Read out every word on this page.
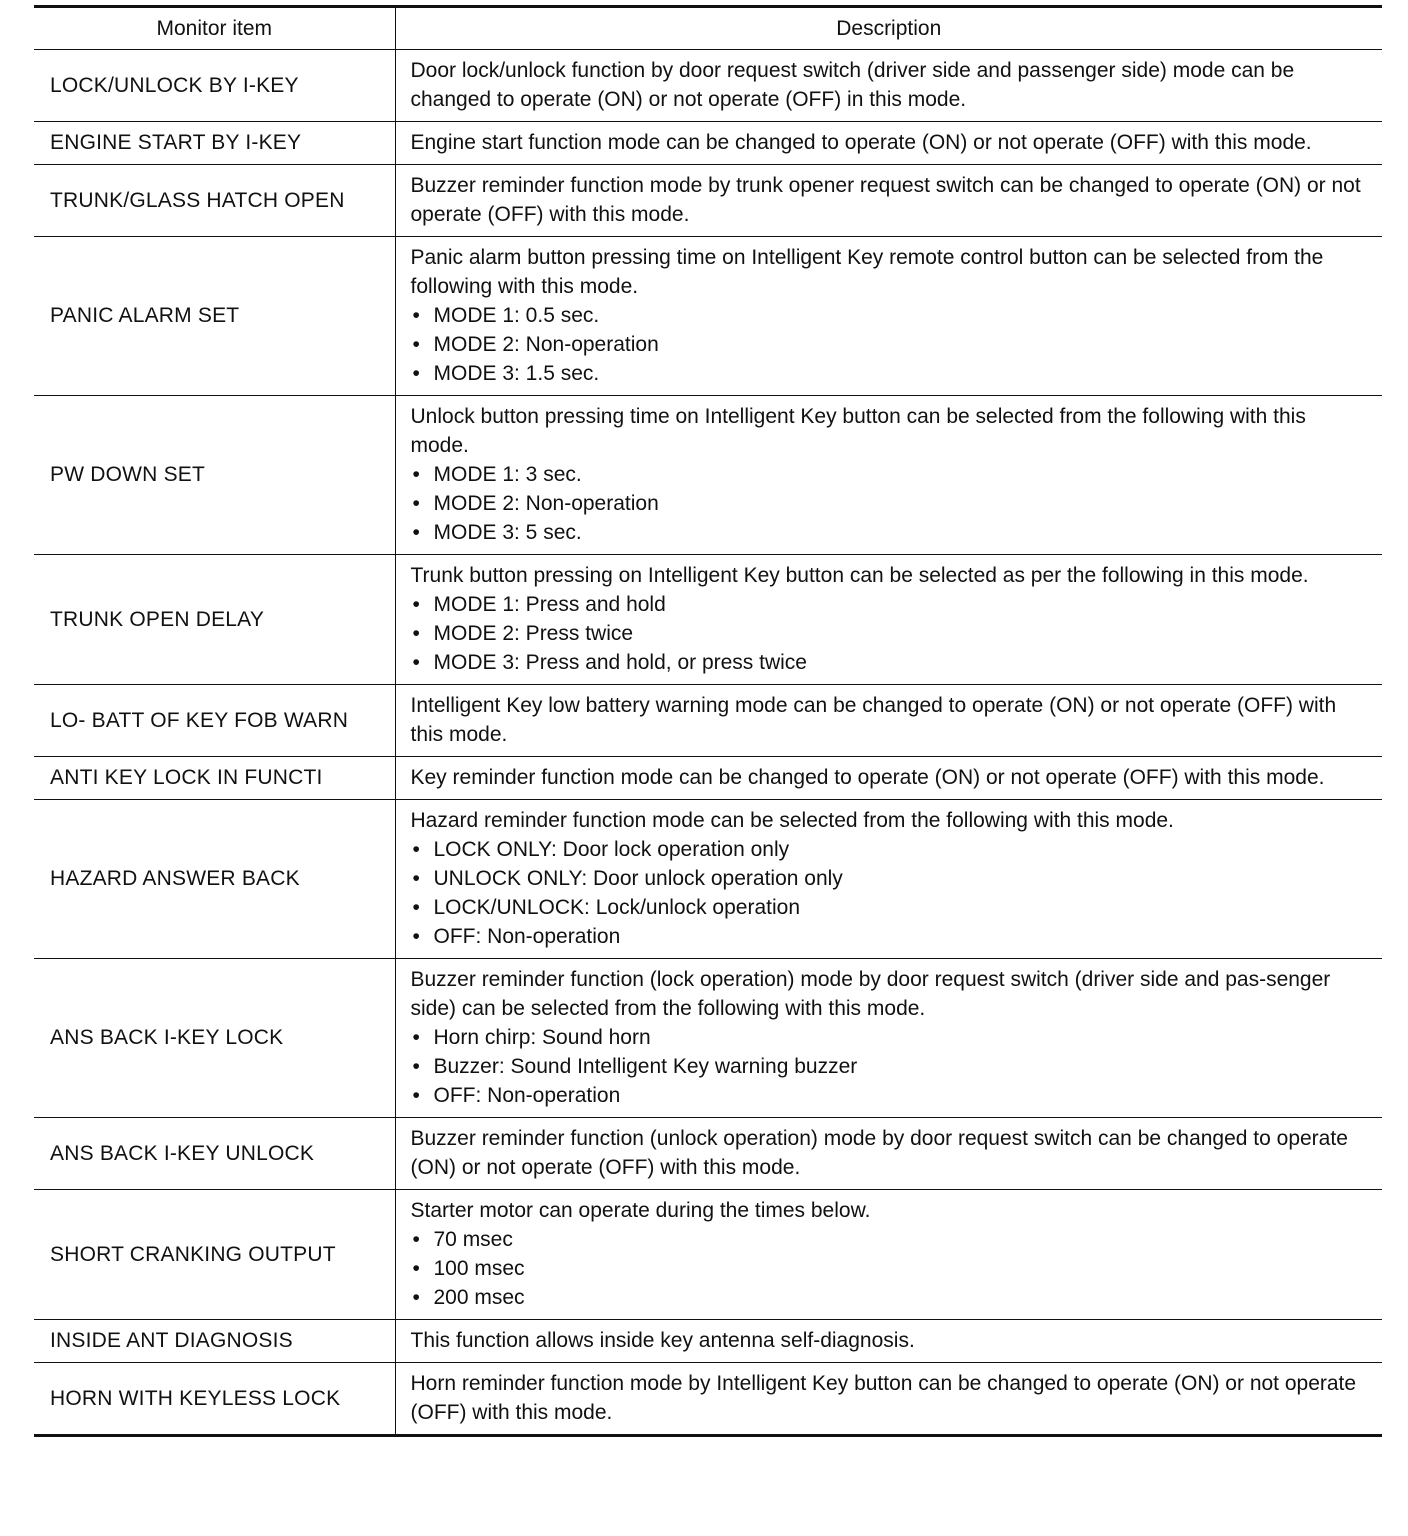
Monitor item	Description
LOCK/UNLOCK BY I-KEY	Door lock/unlock function by door request switch (driver side and passenger side) mode can be changed to operate (ON) or not operate (OFF) in this mode.
ENGINE START BY I-KEY	Engine start function mode can be changed to operate (ON) or not operate (OFF) with this mode.
TRUNK/GLASS HATCH OPEN	Buzzer reminder function mode by trunk opener request switch can be changed to operate (ON) or not operate (OFF) with this mode.
PANIC ALARM SET	Panic alarm button pressing time on Intelligent Key remote control button can be selected from the following with this mode.
• MODE 1: 0.5 sec.
• MODE 2: Non-operation
• MODE 3: 1.5 sec.

PW DOWN SET	Unlock button pressing time on Intelligent Key button can be selected from the following with this mode.
• MODE 1: 3 sec.
• MODE 2: Non-operation
• MODE 3: 5 sec.

TRUNK OPEN DELAY	Trunk button pressing on Intelligent Key button can be selected as per the following in this mode.
• MODE 1: Press and hold
• MODE 2: Press twice
• MODE 3: Press and hold, or press twice

LO- BATT OF KEY FOB WARN	Intelligent Key low battery warning mode can be changed to operate (ON) or not operate (OFF) with this mode.
ANTI KEY LOCK IN FUNCTI	Key reminder function mode can be changed to operate (ON) or not operate (OFF) with this mode.
HAZARD ANSWER BACK	Hazard reminder function mode can be selected from the following with this mode.
• LOCK ONLY: Door lock operation only
• UNLOCK ONLY: Door unlock operation only
• LOCK/UNLOCK: Lock/unlock operation
• OFF: Non-operation

ANS BACK I-KEY LOCK	Buzzer reminder function (lock operation) mode by door request switch (driver side and pas-senger side) can be selected from the following with this mode.
• Horn chirp: Sound horn
• Buzzer: Sound Intelligent Key warning buzzer
• OFF: Non-operation

ANS BACK I-KEY UNLOCK	Buzzer reminder function (unlock operation) mode by door request switch can be changed to operate (ON) or not operate (OFF) with this mode.
SHORT CRANKING OUTPUT	Starter motor can operate during the times below.
• 70 msec
• 100 msec
• 200 msec

INSIDE ANT DIAGNOSIS	This function allows inside key antenna self-diagnosis.
HORN WITH KEYLESS LOCK	Horn reminder function mode by Intelligent Key button can be changed to operate (ON) or not operate (OFF) with this mode.
